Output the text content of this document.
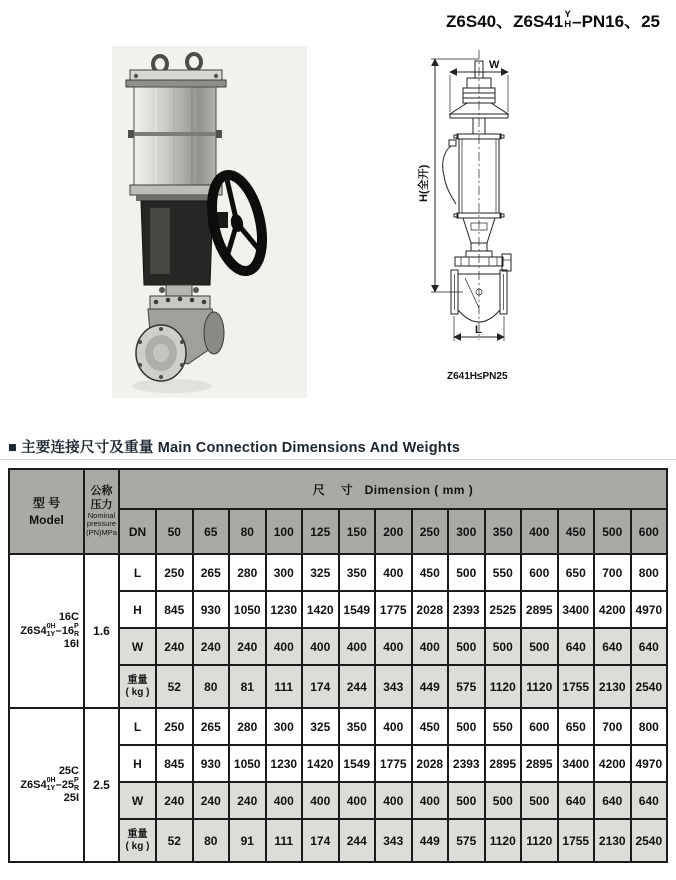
Z6S40、Z6S41 Y
H –PN16、25
W
H(全开)
L
Z641H≤PN25
■ 主要连接尺寸及重量 Main Connection Dimensions And Weights
型 号
Model

公称
压力
Nominal
pressure
(PN)MPa
	尺    寸   Dimension ( mm )
		DN	50	65	80	100	125	150	200	250	300	350	400	450	500	600

16C
Z6S4 0H
1Y –16 P
R
16I
	1.6	L	250	265	280	300	325	350	400	450	500	550	600	650	700	800
		H	845	930	1050	1230	1420	1549	1775	2028	2393	2525	2895	3400	4200	4970
		W	240	240	240	400	400	400	400	400	500	500	500	640	640	640

		重量
( kg )	52	80	81	111	174	244	343	449	575	1120	1120	1755	2130	2540

25C
Z6S4 0H
1Y –25 P
R
25I
	2.5	L	250	265	280	300	325	350	400	450	500	550	600	650	700	800
		H	845	930	1050	1230	1420	1549	1775	2028	2393	2895	2895	3400	4200	4970
		W	240	240	240	400	400	400	400	400	500	500	500	640	640	640

		重量
( kg )	52	80	91	111	174	244	343	449	575	1120	1120	1755	2130	2540
